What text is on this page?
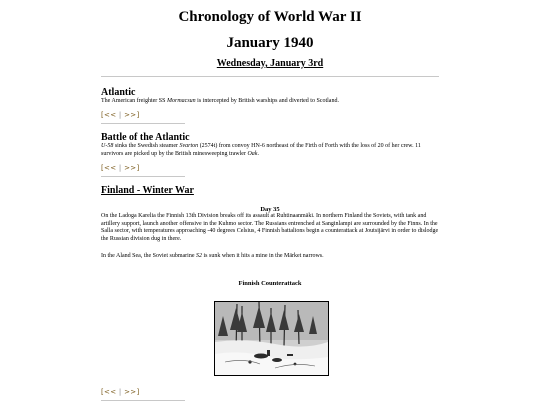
Chronology of World War II
January 1940
Wednesday, January 3rd
Atlantic
The American freighter SS Mormacsun is intercepted by British warships and diverted to Scotland.
[<< | >>]
Battle of the Atlantic
U-58 sinks the Swedish steamer Svarton (2574t) from convoy HN-6 northeast of the Firth of Forth with the loss of 20 of her crew. 11 survivors are picked up by the British minesweeping trawler Oak.
[<< | >>]
Finland - Winter War
Day 35
On the Ladoga Karelia the Finnish 13th Division breaks off its assault at Ruhtinaanmäki. In northern Finland the Soviets, with tank and artillery support, launch another offensive in the Kuhmo sector. The Russians entrenched at Sanginlampi are surrounded by the Finns. In the Salla sector, with temperatures approaching -40 degrees Celsius, 4 Finnish battalions begin a counterattack at Joutsijärvi in order to dislodge the Russian division dug in there.
In the Aland Sea, the Soviet submarine S2 is sunk when it hits a mine in the Märket narrows.
Finnish Counterattack
[<< | >>]
